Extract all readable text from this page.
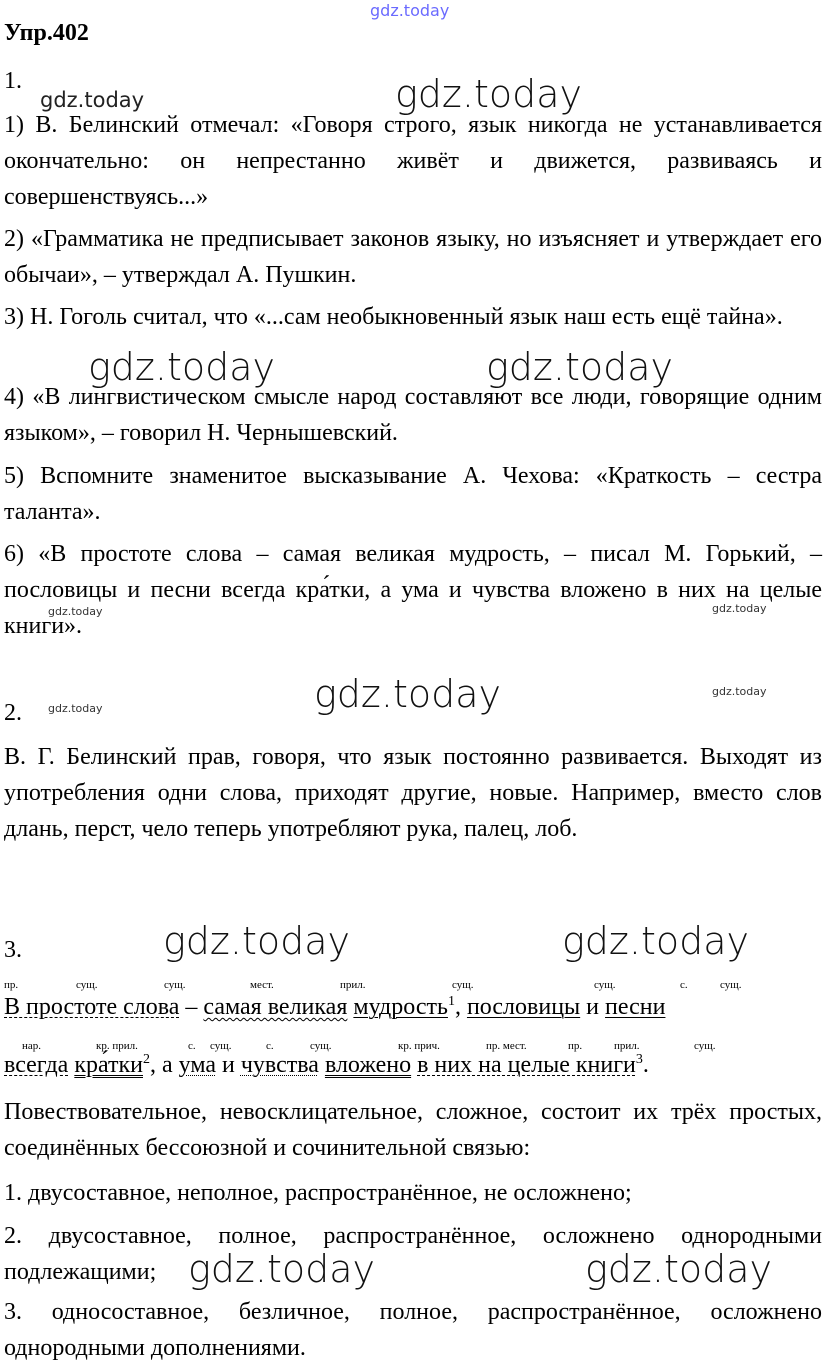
gdz.today
gdz.today	gdz.today
gdz.today	gdz.today
gdz.today	gdz.today
gdz.today
gdz.today
gdz.today
gdz.today	gdz.today
gdz.today	gdz.today
Упр.402
1.
1) В. Белинский отмечал: «Говоря строго, язык никогда не устанавливается окончательно: он непрестанно живёт и движется, развиваясь и совершенствуясь...»
2) «Грамматика не предписывает законов языку, но изъясняет и утверждает его обычаи», – утверждал А. Пушкин.
3) Н. Гоголь считал, что «...сам необыкновенный язык наш есть ещё тайна».
4) «В лингвистическом смысле народ составляют все люди, говорящие одним языком», – говорил Н. Чернышевский.
5) Вспомните знаменитое высказывание А. Чехова: «Краткость – сестра таланта».
6) «В простоте слова – самая великая мудрость, – писал М. Горький, – пословицы и песни всегда кра́тки, а ума и чувства вложено в них на целые книги».
2.
В. Г. Белинский прав, говоря, что язык постоянно развивается. Выходят из употребления одни слова, приходят другие, новые. Например, вместо слов длань, перст, чело теперь употребляют рука, палец, лоб.
3.
пр.	сущ.	сущ.	мест.	прил.	сущ.	сущ.	с.	сущ.
В простоте слова – самая великая мудрость$^1$, пословицы и песни
нар.	кр. прил.	с. сущ.	с.	сущ.	кр. прич.	пр. мест.	пр.	прил.	сущ.
всегда кра́тки$^2$, а ума и чувства вложено в них на целые книги$^3$.
Повествовательное, невосклицательное, сложное, состоит их трёх простых, соединённых бессоюзной и сочинительной связью:
1. двусоставное, неполное, распространённое, не осложнено;
2. двусоставное, полное, распространённое, осложнено однородными подлежащими;
3. односоставное, безличное, полное, распространённое, осложнено однородными дополнениями.
